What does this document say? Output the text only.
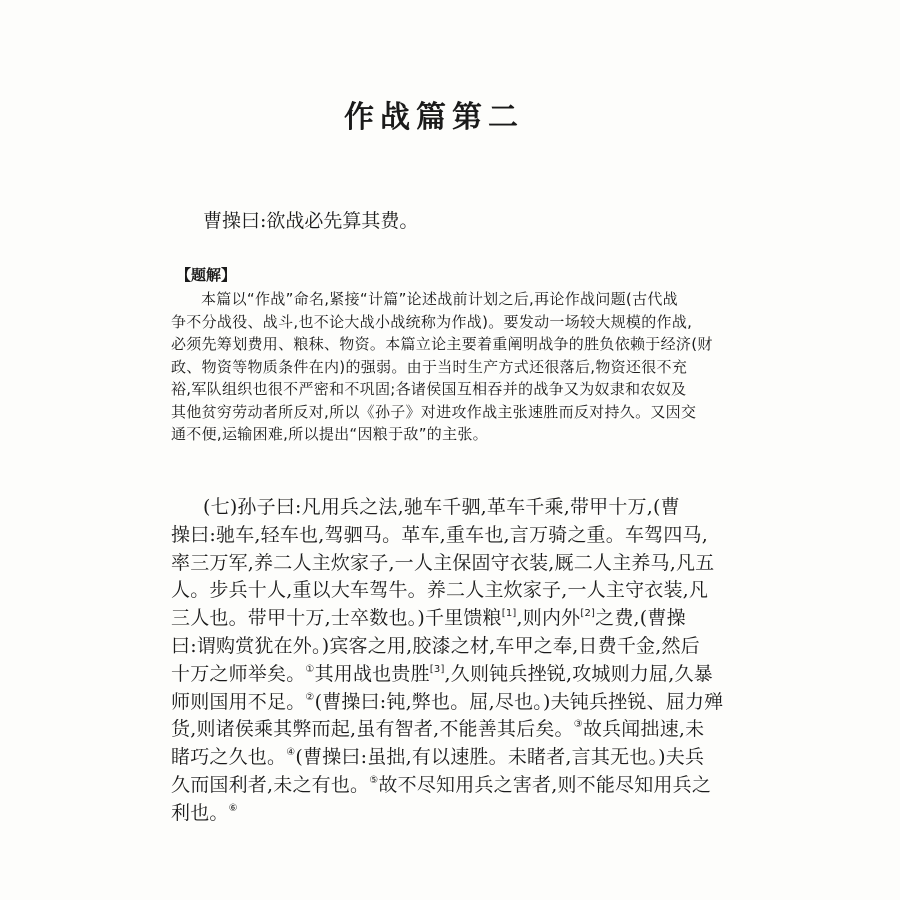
作战篇第二
曹操曰:欲战必先算其费。
【题解】
本篇以“作战”命名,紧接“计篇”论述战前计划之后,再论作战问题(古代战
争不分战役、战斗,也不论大战小战统称为作战)。要发动一场较大规模的作战,
必须先筹划费用、粮秣、物资。本篇立论主要着重阐明战争的胜负依赖于经济(财
政、物资等物质条件在内)的强弱。由于当时生产方式还很落后,物资还很不充
裕,军队组织也很不严密和不巩固;各诸侯国互相吞并的战争又为奴隶和农奴及
其他贫穷劳动者所反对,所以《孙子》对进攻作战主张速胜而反对持久。又因交
通不便,运输困难,所以提出“因粮于敌”的主张。
(七)孙子曰:凡用兵之法,驰车千驷,革车千乘,带甲十万,(曹
操曰:驰车,轻车也,驾驷马。革车,重车也,言万骑之重。车驾四马,
率三万军,养二人主炊家子,一人主保固守衣装,厩二人主养马,凡五
人。步兵十人,重以大车驾牛。养二人主炊家子,一人主守衣装,凡
三人也。带甲十万,士卒数也。)千里馈粮[1],则内外[2]之费,(曹操
曰:谓购赏犹在外。)宾客之用,胶漆之材,车甲之奉,日费千金,然后
十万之师举矣。①其用战也贵胜[3],久则钝兵挫锐,攻城则力屈,久暴
师则国用不足。②(曹操曰:钝,弊也。屈,尽也。)夫钝兵挫锐、屈力殚
货,则诸侯乘其弊而起,虽有智者,不能善其后矣。③故兵闻拙速,未
睹巧之久也。④(曹操曰:虽拙,有以速胜。未睹者,言其无也。)夫兵
久而国利者,未之有也。⑤故不尽知用兵之害者,则不能尽知用兵之
利也。⑥
